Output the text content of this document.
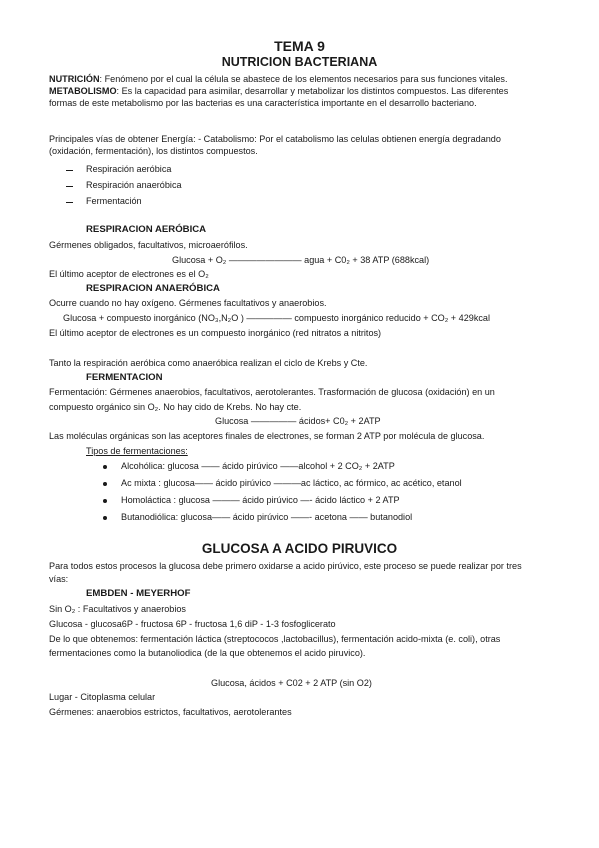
TEMA 9
NUTRICION BACTERIANA
NUTRICIÓN: Fenómeno por el cual la célula se abastece de los elementos necesarios para sus funciones vitales.
METABOLISMO: Es la capacidad para asimilar, desarrollar y metabolizar los distintos compuestos. Las diferentes
formas de este metabolismo por las bacterias es una característica importante en el desarrollo bacteriano.
Principales vías de obtener Energía: - Catabolismo: Por el catabolismo las celulas obtienen energía degradando
(oxidación, fermentación), los distintos compuestos.
Respiración aeróbica
Respiración anaeróbica
Fermentación
RESPIRACION AERÓBICA
Gérmenes obligados, facultativos, microaerófilos.
Glucosa + O₂ ———————— agua + C0₂ + 38 ATP (688kcal)
El último aceptor de electrones es el O₂
RESPIRACION ANAERÓBICA
Ocurre cuando no hay oxígeno. Gérmenes facultativos y anaerobios.
Glucosa + compuesto inorgánico (NO₃,N₂O ) ————— compuesto inorgánico reducido + CO₂ + 429kcal
El último aceptor de electrones es un compuesto inorgánico (red nitratos a nitritos)
Tanto la respiración aeróbica como anaeróbica realizan el ciclo de Krebs y Cte.
FERMENTACION
Fermentación: Gérmenes anaerobios, facultativos, aerotolerantes. Trasformación de glucosa (oxidación) en un
compuesto orgánico sin O₂. No hay cido de Krebs. No hay cte.
Glucosa ————— ácidos+ C0₂ + 2ATP
Las moléculas orgánicas son las aceptores finales de electrones, se forman 2 ATP por molécula de glucosa.
Tipos de fermentaciones:
Alcohólica: glucosa —— ácido pirúvico ——alcohol + 2 CO₂ + 2ATP
Ac mixta : glucosa—— ácido pirúvico ———ac láctico, ac fórmico, ac acético, etanol
Homoláctica : glucosa ——— ácido pirúvico —- ácido láctico + 2 ATP
Butanodiólica: glucosa—— ácido pirúvico ——- acetona —— butanodiol
GLUCOSA A ACIDO PIRUVICO
Para todos estos procesos la glucosa debe primero oxidarse a acido pirúvico, este proceso se puede realizar por tres
vías:
EMBDEN - MEYERHOF
Sin O₂ : Facultativos y anaerobios
Glucosa - glucosa6P - fructosa 6P - fructosa 1,6 diP - 1-3 fosfoglicerato
De lo que obtenemos: fermentación láctica (streptococos ,lactobacillus), fermentación acido-mixta (e. coli), otras
fermentaciones como la butanoliodica (de la que obtenemos el acido piruvico).
Glucosa, ácidos + C02 + 2 ATP (sin O2)
Lugar - Citoplasma celular
Gérmenes: anaerobios estrictos, facultativos, aerotolerantes
